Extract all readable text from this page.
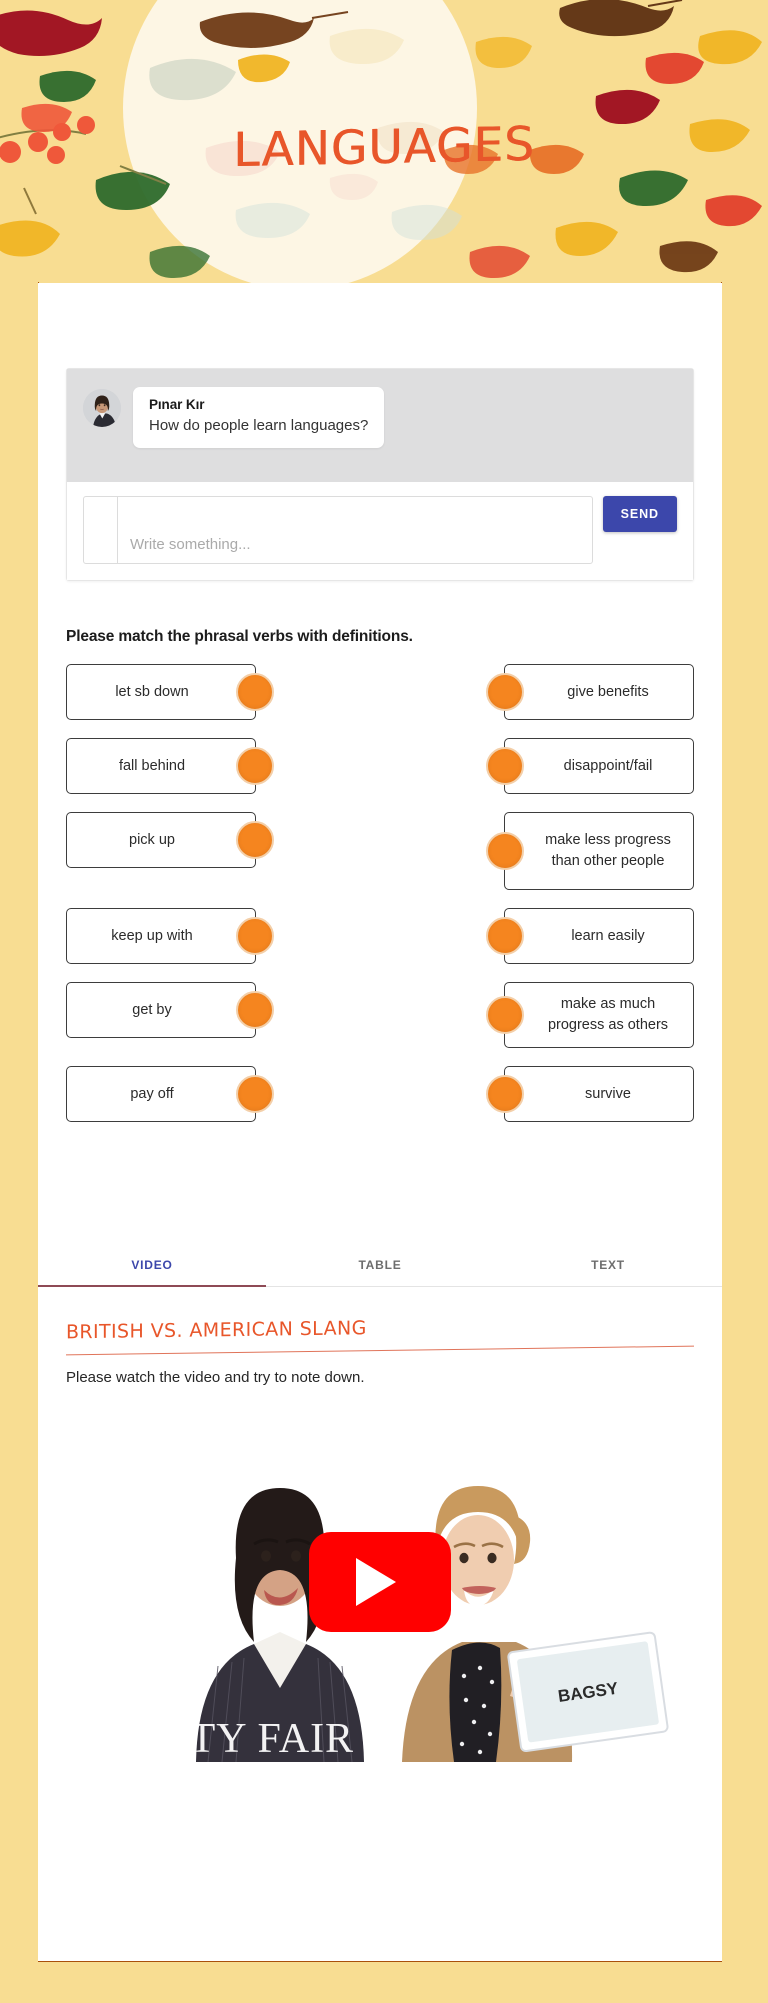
LANGUAGES
Pınar Kır
How do people learn languages?
Write something...
SEND
Please match the phrasal verbs with definitions.
let sb down	give benefits
fall behind	disappoint/fail
pick up	make less progress than other people
keep up with	learn easily
get by	make as much progress as others
pay off	survive
VIDEO	TABLE	TEXT
BRITISH VS. AMERICAN SLANG
Please watch the video and try to note down.
BAGSY
VANITY FAIR
